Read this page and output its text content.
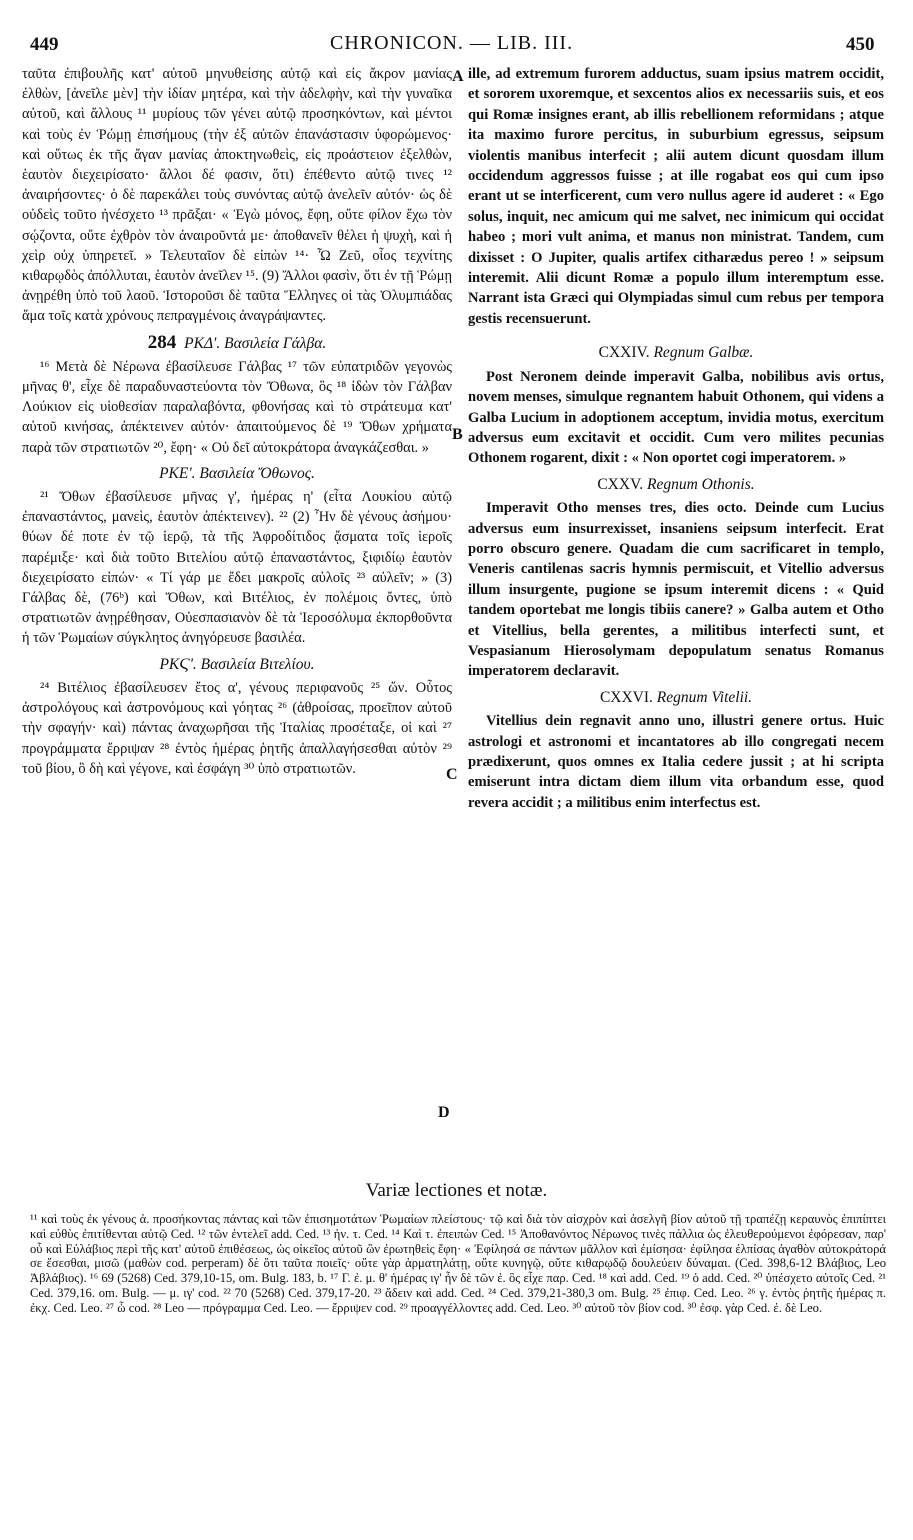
449	CHRONICON. — LIB. III.	450
A
B
C
D

ταῦτα ἐπιβουλῆς κατ' αὐτοῦ μηνυθείσης αὐτῷ καὶ εἰς ἄκρον μανίας ἐλθὼν, [ἀνεῖλε μὲν] τὴν ἰδίαν μητέρα, καὶ τὴν ἀδελφὴν, καὶ τὴν γυναῖκα αὐτοῦ, καὶ ἄλλους ¹¹ μυρίους τῶν γένει αὐτῷ προσηκόντων, καὶ μέντοι καὶ τοὺς ἐν Ῥώμῃ ἐπισήμους (τὴν ἐξ αὐτῶν ἐπανάστασιν ὑφορώμενος· καὶ οὕτως ἐκ τῆς ἄγαν μανίας ἀποκτηνωθεὶς, εἰς προάστειον ἐξελθὼν, ἑαυτὸν διεχειρίσατο· ἄλλοι δέ φασιν, ὅτι) ἐπέθεντο αὐτῷ τινες ¹² ἀναιρήσοντες· ὁ δὲ παρεκάλει τοὺς συνόντας αὐτῷ ἀνελεῖν αὐτόν· ὡς δὲ οὐδεὶς τοῦτο ἠνέσχετο ¹³ πρᾶξαι· « Ἐγὼ μόνος, ἔφη, οὔτε φίλον ἔχω τὸν σῴζοντα, οὔτε ἐχθρὸν τὸν ἀναιροῦντά με· ἀποθανεῖν θέλει ἡ ψυχὴ, καὶ ἡ χεὶρ οὐχ ὑπηρετεῖ. » Τελευταῖον δὲ εἰπὼν ¹⁴· Ὦ Ζεῦ, οἷος τεχνίτης κιθαρῳδὸς ἀπόλλυται, ἑαυτὸν ἀνεῖλεν ¹⁵. (9) Ἄλλοι φασὶν, ὅτι ἐν τῇ Ῥώμῃ ἀνῃρέθη ὑπὸ τοῦ λαοῦ. Ἱστοροῦσι δὲ ταῦτα Ἕλληνες οἱ τὰς Ὀλυμπιάδας ἅμα τοῖς κατὰ χρόνους πεπραγμένοις ἀναγράψαντες.

284 ΡΚΔ'. Βασιλεία Γάλβα.

¹⁶ Μετὰ δὲ Νέρωνα ἐβασίλευσε Γάλβας ¹⁷ τῶν εὐπατριδῶν γεγονὼς μῆνας θ', εἶχε δὲ παραδυναστεύοντα τὸν Ὄθωνα, ὃς ¹⁸ ἰδὼν τὸν Γάλβαν Λούκιον εἰς υἱοθεσίαν παραλαβόντα, φθονήσας καὶ τὸ στράτευμα κατ' αὐτοῦ κινήσας, ἀπέκτεινεν αὐτόν· ἀπαιτούμενος δὲ ¹⁹ Ὄθων χρήματα παρὰ τῶν στρατιωτῶν ²⁰, ἔφη· « Οὐ δεῖ αὐτοκράτορα ἀναγκάζεσθαι. »

ΡΚΕ'. Βασιλεία Ὄθωνος.

²¹ Ὄθων ἐβασίλευσε μῆνας γ', ἡμέρας η' (εἶτα Λουκίου αὐτῷ ἐπαναστάντος, μανεὶς, ἑαυτὸν ἀπέκτεινεν). ²² (2) Ἦν δὲ γένους ἀσήμου· θύων δέ ποτε ἐν τῷ ἱερῷ, τὰ τῆς Ἀφροδίτιδος ᾄσματα τοῖς ἱεροῖς παρέμιξε· καὶ διὰ τοῦτο Βιτελίου αὐτῷ ἐπαναστάντος, ξιφιδίῳ ἑαυτὸν διεχειρίσατο εἰπών· « Τί γάρ με ἔδει μακροῖς αὐλοῖς ²³ αὐλεῖν; » (3) Γάλβας δὲ, (76ᵇ) καὶ Ὄθων, καὶ Βιτέλιος, ἐν πολέμοις ὄντες, ὑπὸ στρατιωτῶν ἀνῃρέθησαν, Οὐεσπασιανὸν δὲ τὰ Ἱεροσόλυμα ἐκπορθοῦντα ἡ τῶν Ῥωμαίων σύγκλητος ἀνηγόρευσε βασιλέα.

ΡΚϚ'. Βασιλεία Βιτελίου.

²⁴ Βιτέλιος ἐβασίλευσεν ἔτος α', γένους περιφανοῦς ²⁵ ὤν. Οὗτος ἀστρολόγους καὶ ἀστρονόμους καὶ γόητας ²⁶ (ἀθροίσας, προεῖπον αὐτοῦ τὴν σφαγήν· καὶ) πάντας ἀναχωρῆσαι τῆς Ἰταλίας προσέταξε, οἱ καὶ ²⁷ προγράμματα ἔρριψαν ²⁸ ἐντὸς ἡμέρας ῥητῆς ἀπαλλαγήσεσθαι αὐτὸν ²⁹ τοῦ βίου, ὃ δὴ καὶ γέγονε, καὶ ἐσφάγη ³⁰ ὑπὸ στρατιωτῶν.

ille, ad extremum furorem adductus, suam ipsius matrem occidit, et sororem uxoremque, et sexcentos alios ex necessariis suis, et eos qui Romæ insignes erant, ab illis rebellionem reformidans ; atque ita maximo furore percitus, in suburbium egressus, seipsum violentis manibus interfecit ; alii autem dicunt quosdam illum occidendum aggressos fuisse ; at ille rogabat eos qui cum ipso erant ut se interficerent, cum vero nullus agere id auderet : « Ego solus, inquit, nec amicum qui me salvet, nec inimicum qui occidat habeo ; mori vult anima, et manus non ministrat. Tandem, cum dixisset : O Jupiter, qualis artifex citharædus pereo ! » seipsum interemit. Alii dicunt Romæ a populo illum interemptum esse. Narrant ista Græci qui Olympiadas simul cum rebus per tempora gestis recensuerunt.

CXXIV. Regnum Galbæ.

Post Neronem deinde imperavit Galba, nobilibus avis ortus, novem menses, simulque regnantem habuit Othonem, qui videns a Galba Lucium in adoptionem acceptum, invidia motus, exercitum adversus eum excitavit et occidit. Cum vero milites pecunias Othonem rogarent, dixit : « Non oportet cogi imperatorem. »

CXXV. Regnum Othonis.

Imperavit Otho menses tres, dies octo. Deinde cum Lucius adversus eum insurrexisset, insaniens seipsum interfecit. Erat porro obscuro genere. Quadam die cum sacrificaret in templo, Veneris cantilenas sacris hymnis permiscuit, et Vitellio adversus illum insurgente, pugione se ipsum interemit dicens : « Quid tandem oportebat me longis tibiis canere? » Galba autem et Otho et Vitellius, bella gerentes, a militibus interfecti sunt, et Vespasianum Hierosolymam depopulatum senatus Romanus imperatorem declaravit.

CXXVI. Regnum Vitelii.

Vitellius dein regnavit anno uno, illustri genere ortus. Huic astrologi et astronomi et incantatores ab illo congregati necem prædixerunt, quos omnes ex Italia cedere jussit ; at hi scripta emiserunt intra dictam diem illum vita orbandum esse, quod revera accidit ; a militibus enim interfectus est.

Variæ lectiones et notæ.

¹¹ καὶ τοὺς ἐκ γένους ἀ. προσήκοντας πάντας καὶ τῶν ἐπισημοτάτων Ῥωμαίων πλείστους· τῷ καὶ διὰ τὸν αἰσχρὸν καὶ ἀσελγῆ βίον αὐτοῦ τῇ τραπέζῃ κεραυνὸς ἐπιπίπτει καὶ εὐθὺς ἐπιτίθενται αὐτῷ Ced. ¹² τῶν ἐντελεῖ add. Ced. ¹³ ἠν. τ. Ced. ¹⁴ Καὶ τ. ἐπειπὼν Ced. ¹⁵ Ἀποθανόντος Νέρωνος τινὲς πάλλια ὡς ἐλευθερούμενοι ἐφόρεσαν, παρ' οὗ καὶ Εὐλάβιος περὶ τῆς κατ' αὐτοῦ ἐπιθέσεως, ὡς οἰκεῖος αὐτοῦ ὢν ἐρωτηθεὶς ἔφη· « Ἐφίλησά σε πάντων μᾶλλον καὶ ἐμίσησα· ἐφίλησα ἐλπίσας ἀγαθὸν αὐτοκράτορά σε ἔσεσθαι, μισῶ (μαθὼν cod. perperam) δὲ ὅτι ταῦτα ποιεῖς· οὔτε γὰρ ἁρματηλάτῃ, οὔτε κυνηγῷ, οὔτε κιθαρῳδῷ δουλεύειν δύναμαι. (Ced. 398,6-12 Βλάβιος, Leo Ἀβλάβιος). ¹⁶ 69 (5268) Ced. 379,10-15, om. Bulg. 183, b. ¹⁷ Γ. ἐ. μ. θ' ἡμέρας ιγ' ἦν δὲ τῶν ἐ. ὃς εἶχε παρ. Ced. ¹⁸ καὶ add. Ced. ¹⁹ ὁ add. Ced. ²⁰ ὑπέσχετο αὐτοῖς Ced. ²¹ Ced. 379,16. om. Bulg. — μ. ιγ' cod. ²² 70 (5268) Ced. 379,17-20. ²³ ἄδειν καὶ add. Ced. ²⁴ Ced. 379,21-380,3 om. Bulg. ²⁵ ἐπιφ. Ced. Leo. ²⁶ γ. ἐντὸς ῥητῆς ἡμέρας π. ἐκχ. Ced. Leo. ²⁷ ὧ cod. ²⁸ Leo — πρόγραμμα Ced. Leo. — ἔρριψεν cod. ²⁹ προαγγέλλοντες add. Ced. Leo. ³⁰ αὐτοῦ τὸν βίον cod. ³⁰ ἐσφ. γὰρ Ced. ἐ. δὲ Leo.
